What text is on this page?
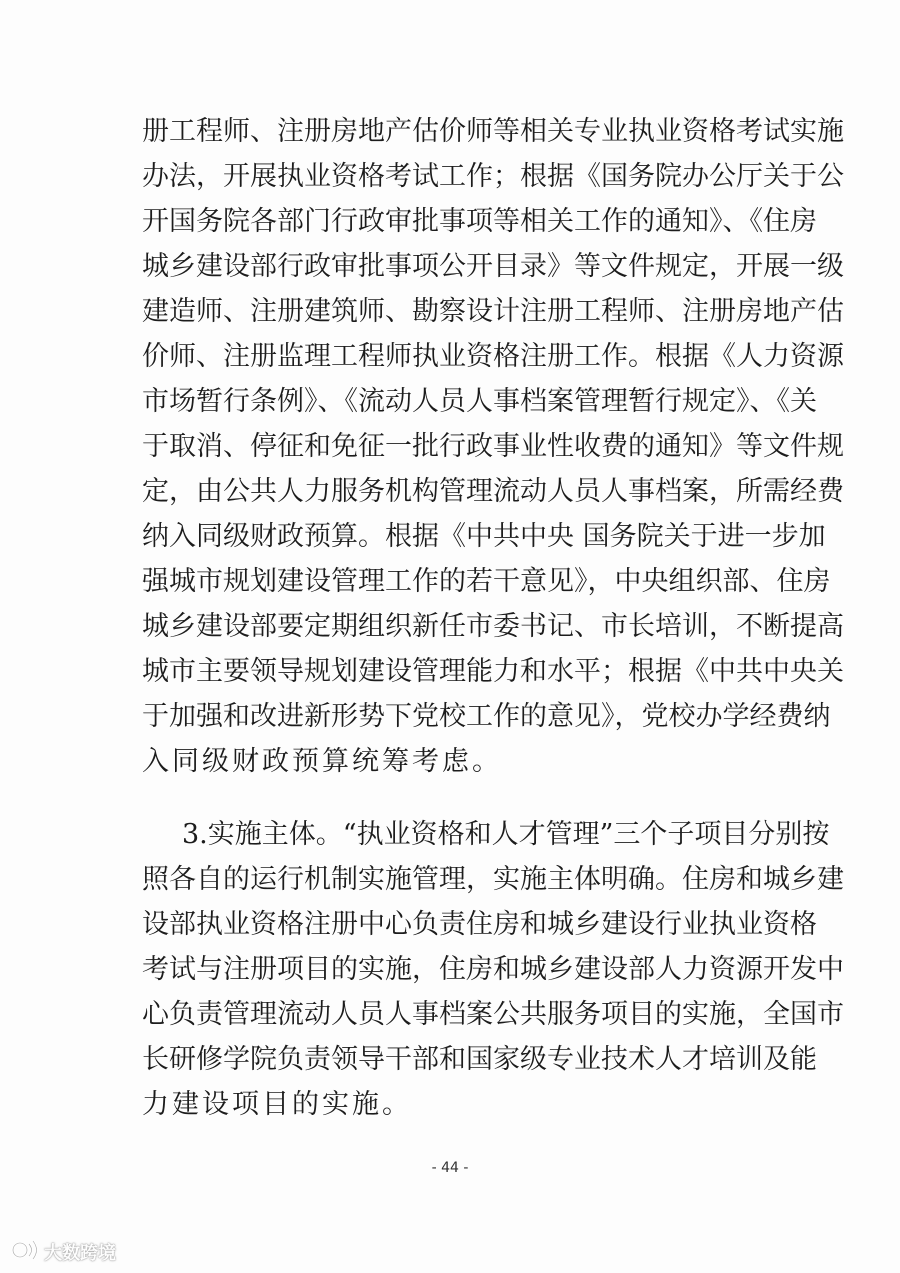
册工程师、注册房地产估价师等相关专业执业资格考试实施
办法，开展执业资格考试工作；根据《国务院办公厅关于公
开国务院各部门行政审批事项等相关工作的通知》、《住房
城乡建设部行政审批事项公开目录》等文件规定，开展一级
建造师、注册建筑师、勘察设计注册工程师、注册房地产估
价师、注册监理工程师执业资格注册工作。根据《人力资源
市场暂行条例》、《流动人员人事档案管理暂行规定》、《关
于取消、停征和免征一批行政事业性收费的通知》等文件规
定，由公共人力服务机构管理流动人员人事档案，所需经费
纳入同级财政预算。根据《中共中央 国务院关于进一步加
强城市规划建设管理工作的若干意见》，中央组织部、住房
城乡建设部要定期组织新任市委书记、市长培训，不断提高
城市主要领导规划建设管理能力和水平；根据《中共中央关
于加强和改进新形势下党校工作的意见》，党校办学经费纳
入同级财政预算统筹考虑。
3.实施主体。“执业资格和人才管理”三个子项目分别按
照各自的运行机制实施管理，实施主体明确。住房和城乡建
设部执业资格注册中心负责住房和城乡建设行业执业资格
考试与注册项目的实施，住房和城乡建设部人力资源开发中
心负责管理流动人员人事档案公共服务项目的实施，全国市
长研修学院负责领导干部和国家级专业技术人才培训及能
力建设项目的实施。
- 44 -
大数跨境
